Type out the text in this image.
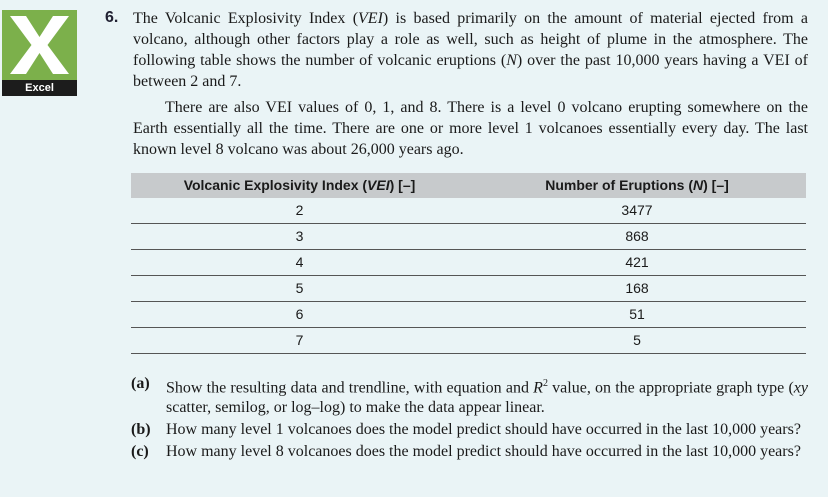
Excel
6. The Volcanic Explosivity Index (VEI) is based primarily on the amount of material ejected from a volcano, although other factors play a role as well, such as height of plume in the atmosphere. The following table shows the number of volcanic eruptions (N) over the past 10,000 years having a VEI of between 2 and 7.
There are also VEI values of 0, 1, and 8. There is a level 0 volcano erupting somewhere on the Earth essentially all the time. There are one or more level 1 volcanoes essentially every day. The last known level 8 volcano was about 26,000 years ago.
Volcanic Explosivity Index (VEI) [–]	Number of Eruptions (N) [–]
2	3477
3	868
4	421
5	168
6	51
7	5
(a)	Show the resulting data and trendline, with equation and $R^2$ value, on the appropriate graph type (xy scatter, semilog, or log–log) to make the data appear linear.
(b) How many level 1 volcanoes does the model predict should have occurred in the last 10,000 years?
(c)	How many level 8 volcanoes does the model predict should have occurred in the last 10,000 years?
